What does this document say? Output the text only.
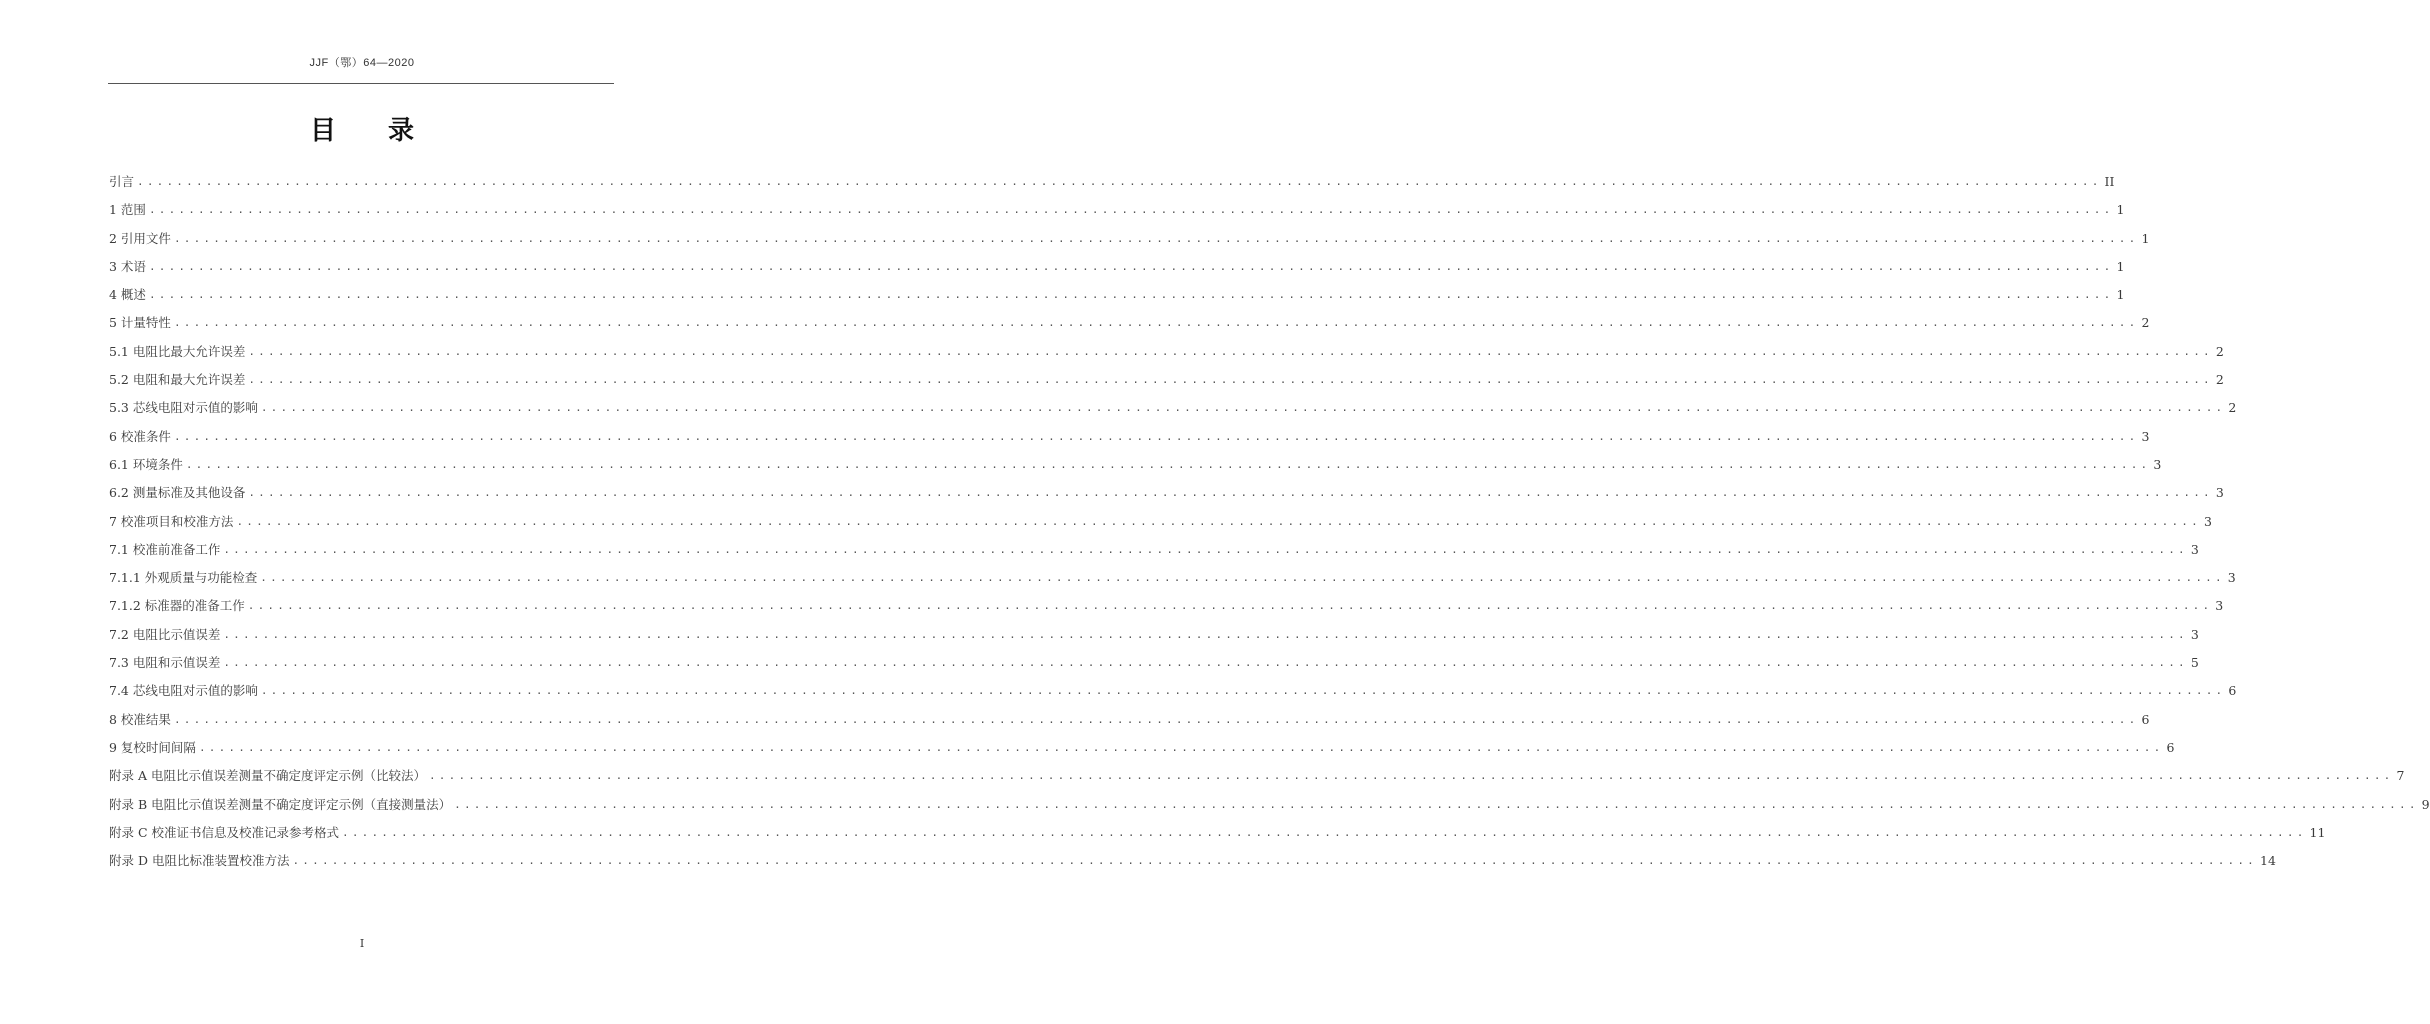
JJF（鄂）64—2020
目 录
引言 ........................................................................................................................................................................................................ II
1 范围 ........................................................................................................................................................................................................ 1
2 引用文件 ........................................................................................................................................................................................................ 1
3 术语 ........................................................................................................................................................................................................ 1
4 概述 ........................................................................................................................................................................................................ 1
5 计量特性 ........................................................................................................................................................................................................ 2
5.1 电阻比最大允许误差 ........................................................................................................................................................................................................ 2
5.2 电阻和最大允许误差 ........................................................................................................................................................................................................ 2
5.3 芯线电阻对示值的影响 ........................................................................................................................................................................................................ 2
6 校准条件 ........................................................................................................................................................................................................ 3
6.1 环境条件 ........................................................................................................................................................................................................ 3
6.2 测量标准及其他设备 ........................................................................................................................................................................................................ 3
7 校准项目和校准方法 ........................................................................................................................................................................................................ 3
7.1 校准前准备工作 ........................................................................................................................................................................................................ 3
7.1.1 外观质量与功能检查 ........................................................................................................................................................................................................ 3
7.1.2 标准器的准备工作 ........................................................................................................................................................................................................ 3
7.2 电阻比示值误差 ........................................................................................................................................................................................................ 3
7.3 电阻和示值误差 ........................................................................................................................................................................................................ 5
7.4 芯线电阻对示值的影响 ........................................................................................................................................................................................................ 6
8 校准结果 ........................................................................................................................................................................................................ 6
9 复校时间间隔 ........................................................................................................................................................................................................ 6
附录 A 电阻比示值误差测量不确定度评定示例（比较法） ........................................................................................................................................................................................................ 7
附录 B 电阻比示值误差测量不确定度评定示例（直接测量法） ........................................................................................................................................................................................................ 9
附录 C 校准证书信息及校准记录参考格式 ........................................................................................................................................................................................................ 11
附录 D 电阻比标准装置校准方法 ........................................................................................................................................................................................................ 14
I
